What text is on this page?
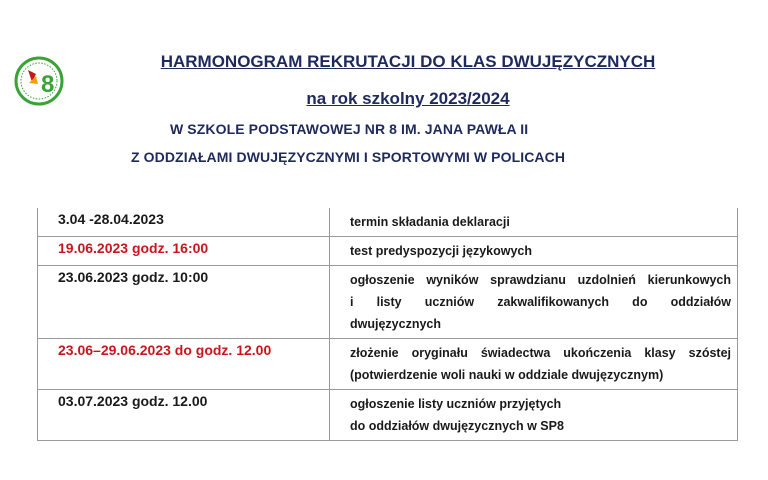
8
HARMONOGRAM REKRUTACJI DO KLAS DWUJĘZYCZNYCH
na rok szkolny 2023/2024
W SZKOLE PODSTAWOWEJ NR 8 IM. JANA PAWŁA II
Z ODDZIAŁAMI DWUJĘZYCZNYMI I SPORTOWYMI W POLICACH
3.04 -28.04.2023	termin składania deklaracji

19.06.2023 godz. 16:00	test predyspozycji językowych

23.06.2023 godz. 10:00	ogłoszenie wyników sprawdzianu uzdolnień kierunkowych
i listy uczniów zakwalifikowanych do oddziałów
dwujęzycznych

23.06–29.06.2023 do godz. 12.00	złożenie oryginału świadectwa ukończenia klasy szóstej
(potwierdzenie woli nauki w oddziale dwujęzycznym)

03.07.2023 godz. 12.00	ogłoszenie listy uczniów przyjętych
do oddziałów dwujęzycznych w SP8
